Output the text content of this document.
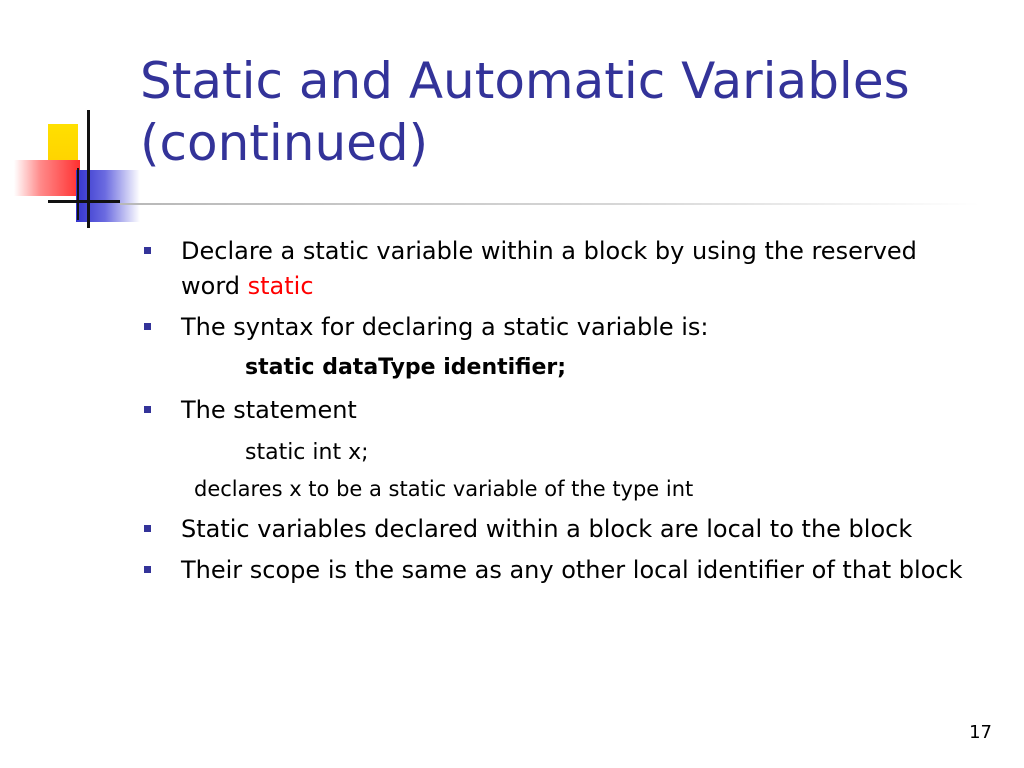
Static and Automatic Variables
(continued)
Declare a static variable within a block by using the reserved word static
The syntax for declaring a static variable is:
static dataType identifier;
The statement
static int x;
declares x to be a static variable of the type int
Static variables declared within a block are local to the block
Their scope is the same as any other local identifier of that block
17
